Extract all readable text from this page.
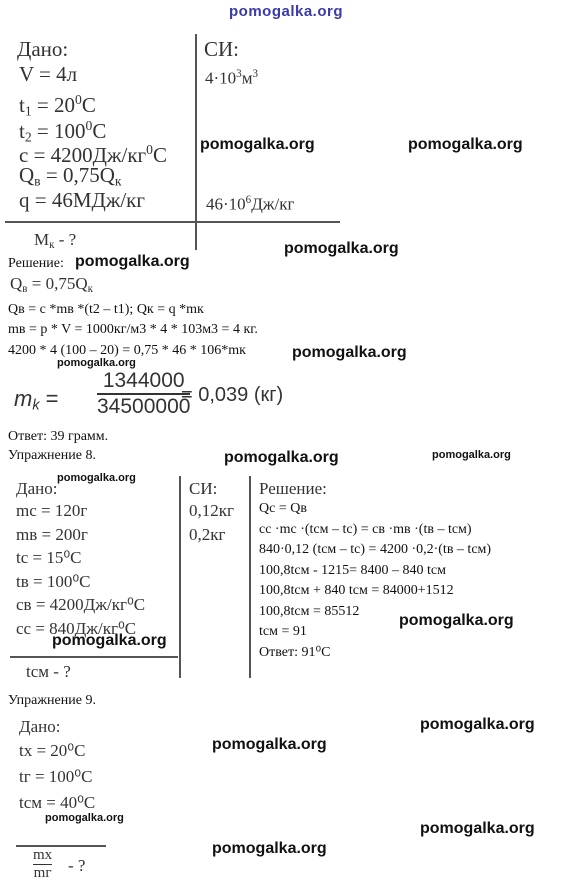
pomogalka.org
Дано:
V = 4л
$t_1 = 20^0С$
$t_2 = 100^0С$
$с = 4200Дж/кг^0С$
$Q_в = 0,75Q_к$
q = 46МДж/кг
СИ:
$4\cdot 10^3м^3$
$46\cdot 10^6Дж/кг$
$М_к$ - ?
pomogalka.org	pomogalka.org
pomogalka.org
Решение: pomogalka.org
$Q_в = 0,75Q_к$
Qв = с *mв *(t2 – t1); Qк = q *mк
mв = p * V = 1000кг/м3 * 4 * 103м3 = 4 кг.
4200 * 4 (100 – 20) = 0,75 * 46 * 106*mк	pomogalka.org
pomogalka.org
$m_k$ =
1344000
34500000
= 0,039 (кг)
Ответ: 39 грамм.
Упражнение 8.	pomogalka.org	pomogalka.org
Дано:
pomogalka.org
mс = 120г
mв = 200г
tс = 15⁰С
tв = 100⁰С
св = 4200Дж/кг⁰С
сс = 840Дж/кг⁰С
СИ:
0,12кг
0,2кг
Решение:
Qс = Qв
сс ·mс ·(tсм – tс) = св ·mв ·(tв – tсм)
840·0,12 (tсм – tс) = 4200 ·0,2·(tв – tсм)
100,8tсм - 1215= 8400 – 840 tсм
100,8tсм + 840 tсм = 84000+1512
100,8tсм = 85512
tсм = 91
Ответ: 91⁰С
pomogalka.org
pomogalka.org
tсм - ?
Упражнение 9.
Дано:
tх = 20⁰С
tг = 100⁰С
tсм = 40⁰С
pomogalka.org
pomogalka.org
pomogalka.org
pomogalka.org
pomogalka.org
mх
mг - ?
